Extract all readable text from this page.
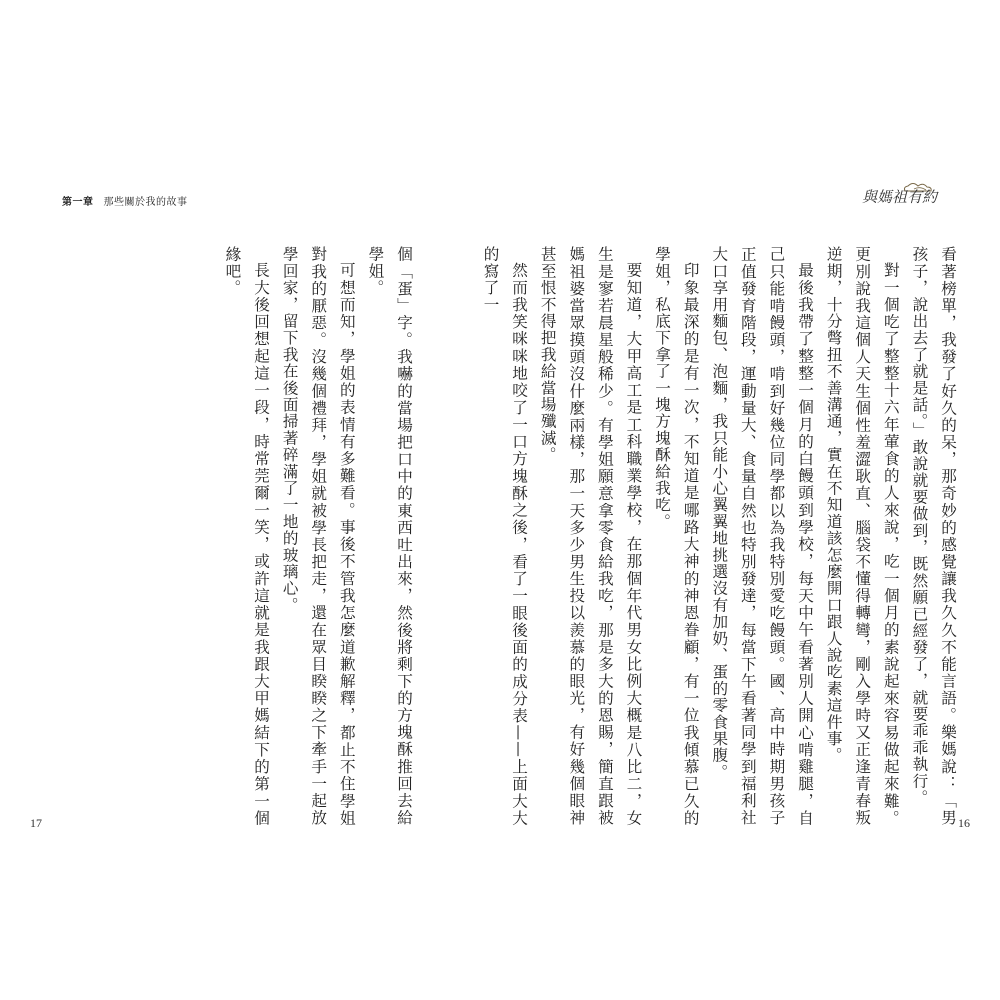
第一章 那些關於我的故事	與媽祖有約

看著榜單，我發了好久的呆，那奇妙的感覺讓我久久不能言語。樂媽說：「男孩子，說出去了就是話。」敢說就要做到，既然願已經發了，就要乖乖執行。

對一個吃了整整十六年葷食的人來說，吃一個月的素說起來容易做起來難。更別說我這個人天生個性羞澀耿直、腦袋不懂得轉彎，剛入學時又正逢青春叛逆期，十分彆扭不善溝通，實在不知道該怎麼開口跟人說吃素這件事。

最後我帶了整整一個月的白饅頭到學校，每天中午看著別人開心啃雞腿，自己只能啃饅頭，啃到好幾位同學都以為我特別愛吃饅頭。國、高中時期男孩子正值發育階段，運動量大、食量自然也特別發達，每當下午看著同學到福利社大口享用麵包、泡麵，我只能小心翼翼地挑選沒有加奶、蛋的零食果腹。

印象最深的是有一次，不知道是哪路大神的神恩眷顧，有一位我傾慕已久的學姐，私底下拿了一塊方塊酥給我吃。

要知道，大甲高工是工科職業學校，在那個年代男女比例大概是八比二，女生是寥若晨星般稀少。有學姐願意拿零食給我吃，那是多大的恩賜，簡直跟被媽祖婆當眾摸頭沒什麼兩樣，那一天多少男生投以羨慕的眼光，有好幾個眼神甚至恨不得把我給當場殲滅。

然而我笑咪咪地咬了一口方塊酥之後，看了一眼後面的成分表——上面大大的寫了一

個「蛋」字。我嚇的當場把口中的東西吐出來，然後將剩下的方塊酥推回去給學姐。

可想而知，學姐的表情有多難看。事後不管我怎麼道歉解釋，都止不住學姐對我的厭惡。沒幾個禮拜，學姐就被學長把走，還在眾目睽睽之下牽手一起放學回家，留下我在後面掃著碎滿了一地的玻璃心。

長大後回想起這一段，時常莞爾一笑，或許這就是我跟大甲媽結下的第一個緣吧。

17	16
